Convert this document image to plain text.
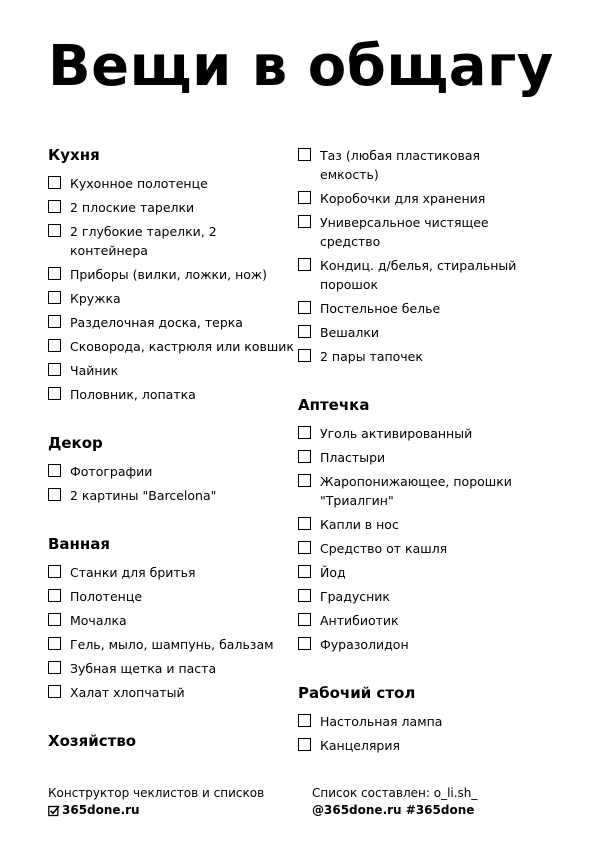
Вещи в общагу
Кухня
Кухонное полотенце
2 плоские тарелки
2 глубокие тарелки, 2 контейнера
Приборы (вилки, ложки, нож)
Кружка
Разделочная доска, терка
Сковорода, кастрюля или ковшик
Чайник
Половник, лопатка
Декор
Фотографии
2 картины "Barcelona"
Ванная
Станки для бритья
Полотенце
Мочалка
Гель, мыло, шампунь, бальзам
Зубная щетка и паста
Халат хлопчатый
Хозяйство
Таз (любая пластиковая емкость)
Коробочки для хранения
Универсальное чистящее средство
Кондиц. д/белья, стиральный порошок
Постельное белье
Вешалки
2 пары тапочек
Аптечка
Уголь активированный
Пластыри
Жаропонижающее, порошки "Триалгин"
Капли в нос
Средство от кашля
Йод
Градусник
Антибиотик
Фуразолидон
Рабочий стол
Настольная лампа
Канцелярия
Конструктор чеклистов и списков
365done.ru
Список составлен: o_li.sh_
@365done.ru #365done
